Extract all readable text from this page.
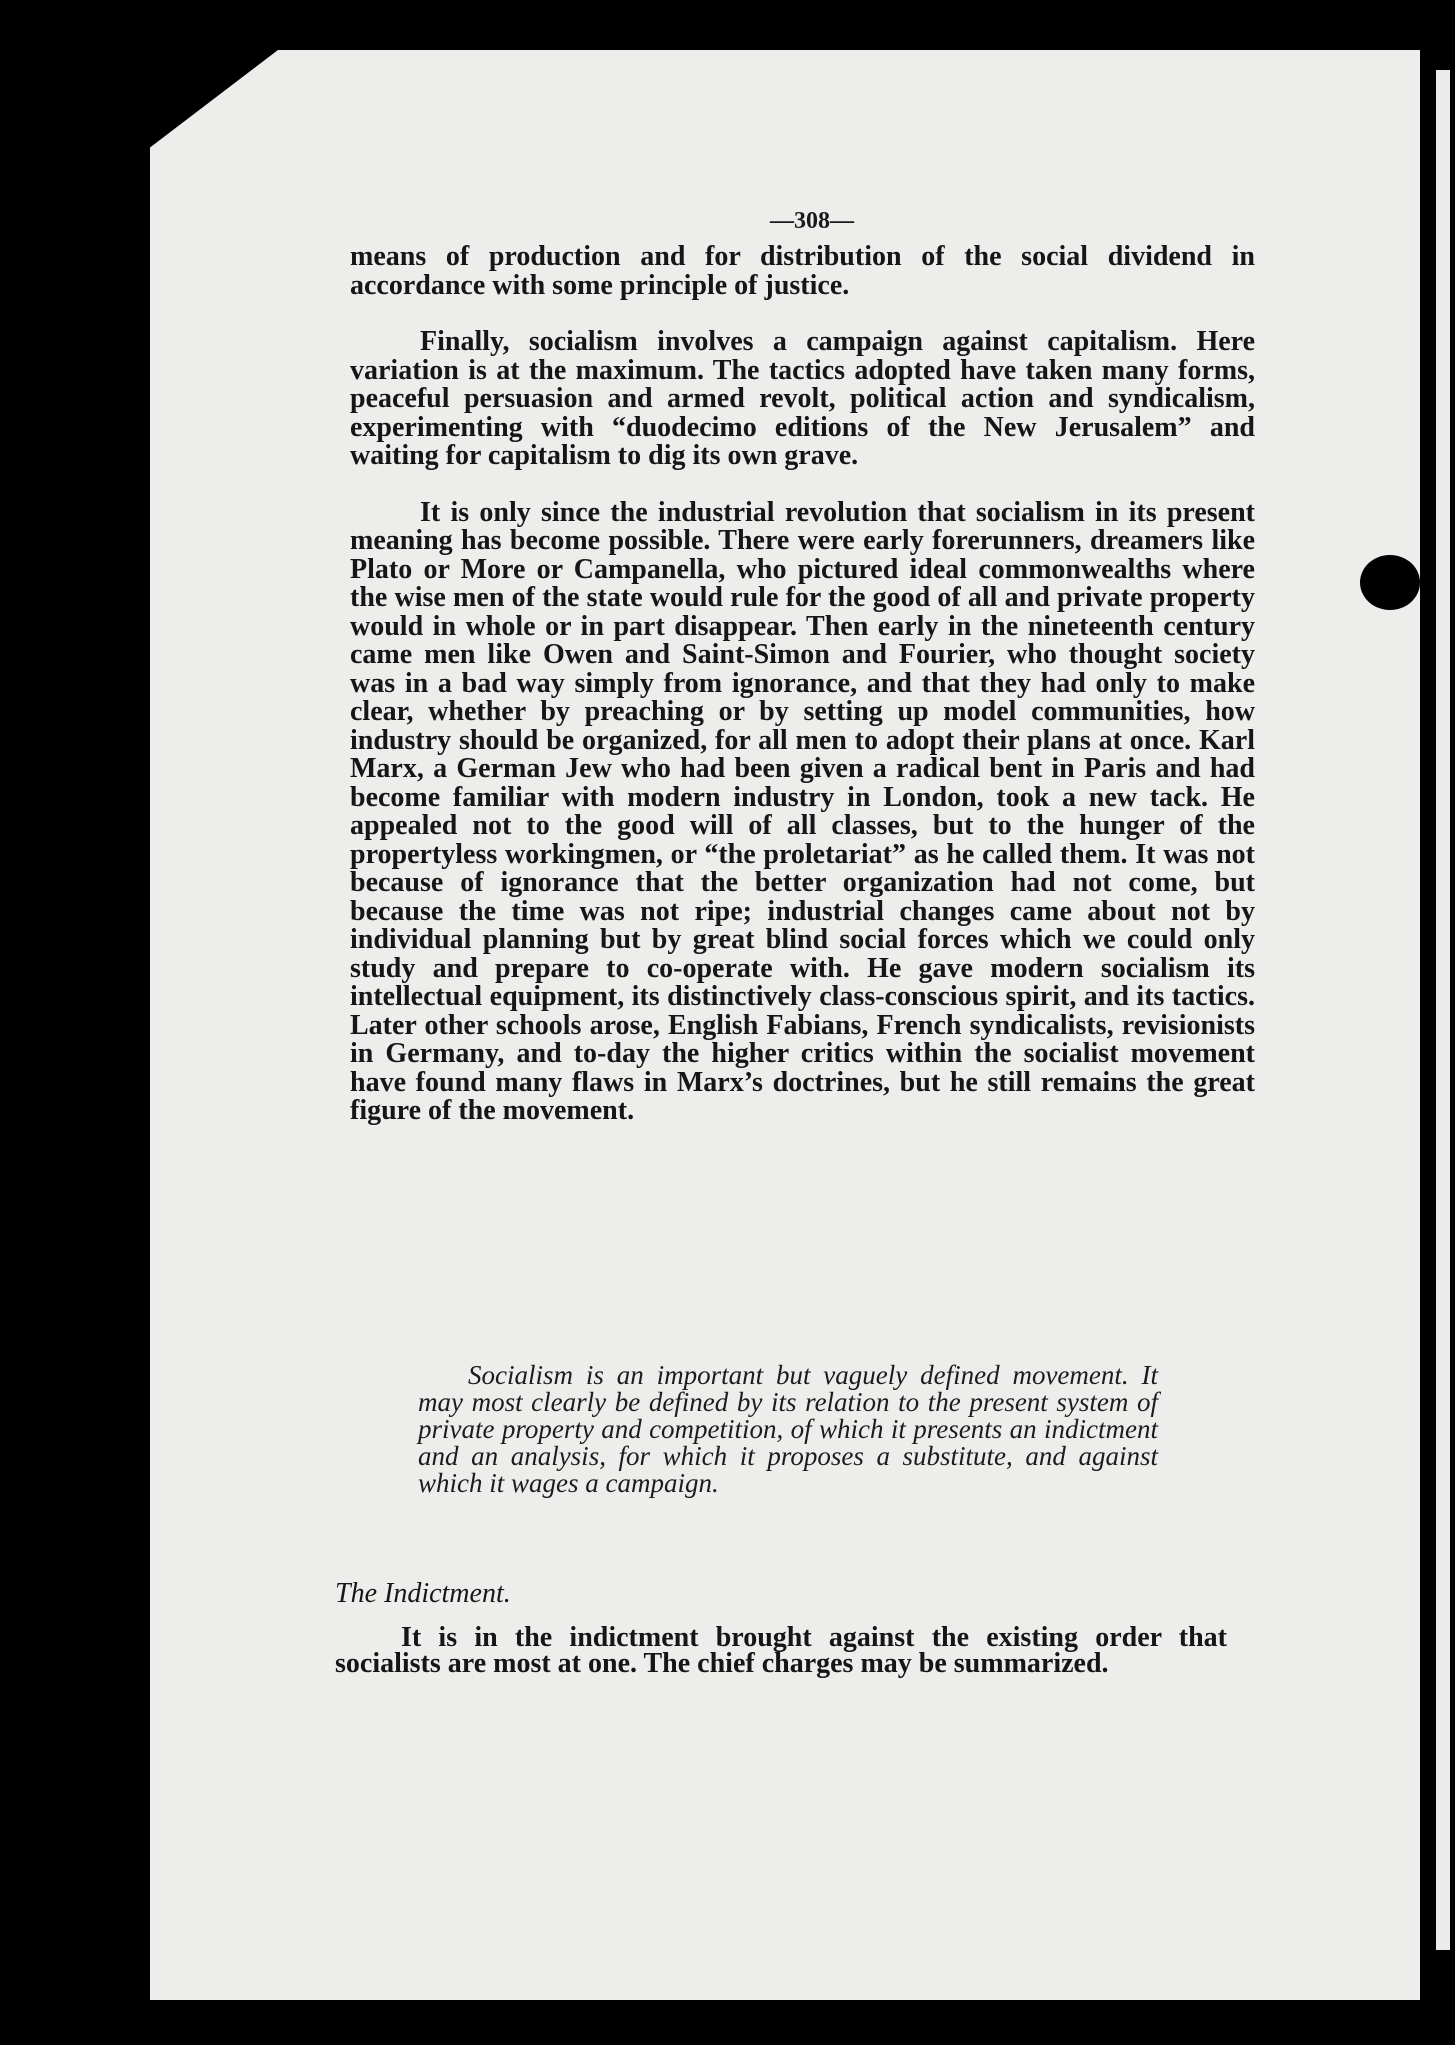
—308—

means of production and for distribution of the social dividend in accordance with some principle of justice.

Finally, socialism involves a campaign against capitalism. Here variation is at the maximum. The tactics adopted have taken many forms, peaceful persuasion and armed revolt, political action and syndicalism, experimenting with “duodecimo editions of the New Jerusalem” and waiting for capitalism to dig its own grave.

It is only since the industrial revolution that socialism in its present meaning has become possible. There were early forerunners, dreamers like Plato or More or Campanella, who pictured ideal commonwealths where the wise men of the state would rule for the good of all and private property would in whole or in part disappear. Then early in the nineteenth century came men like Owen and Saint-Simon and Fourier, who thought society was in a bad way simply from ignorance, and that they had only to make clear, whether by preaching or by setting up model communities, how industry should be organized, for all men to adopt their plans at once. Karl Marx, a German Jew who had been given a radical bent in Paris and had become familiar with modern industry in London, took a new tack. He appealed not to the good will of all classes, but to the hunger of the propertyless workingmen, or “the proletariat” as he called them. It was not because of ignorance that the better organization had not come, but because the time was not ripe; industrial changes came about not by individual planning but by great blind social forces which we could only study and prepare to co-operate with. He gave modern socialism its intellectual equipment, its distinctively class-conscious spirit, and its tactics. Later other schools arose, English Fabians, French syndicalists, revisionists in Germany, and to-day the higher critics within the socialist movement have found many flaws in Marx’s doctrines, but he still remains the great figure of the movement.

Socialism is an important but vaguely defined movement. It may most clearly be defined by its relation to the present system of private property and competition, of which it presents an indictment and an analysis, for which it proposes a substitute, and against which it wages a campaign.
The Indictment.
It is in the indictment brought against the existing order that socialists are most at one. The chief charges may be summarized.
